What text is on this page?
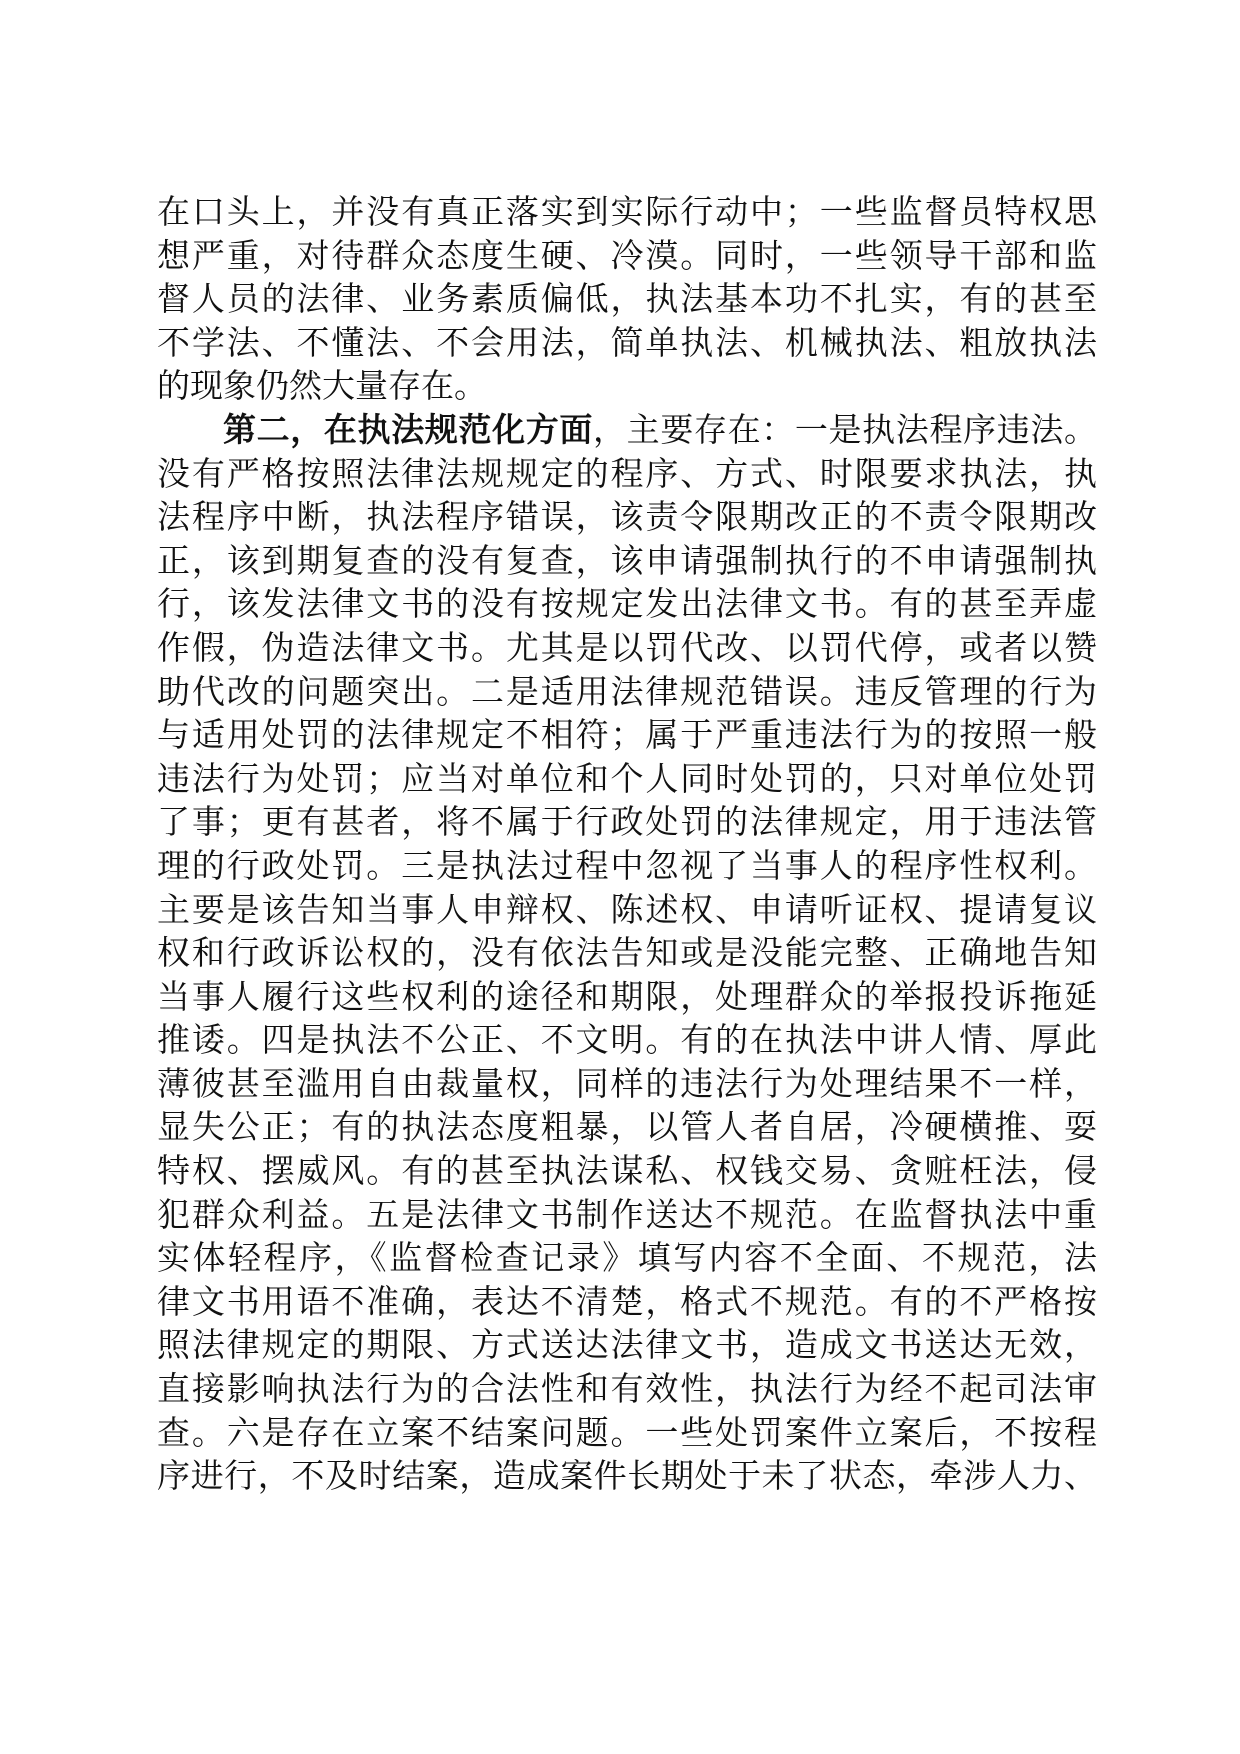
在口头上，并没有真正落实到实际行动中；一些监督员特权思
想严重，对待群众态度生硬、冷漠。同时，一些领导干部和监
督人员的法律、业务素质偏低，执法基本功不扎实，有的甚至
不学法、不懂法、不会用法，简单执法、机械执法、粗放执法
的现象仍然大量存在。
第二，在执法规范化方面，主要存在：一是执法程序违法。
没有严格按照法律法规规定的程序、方式、时限要求执法，执
法程序中断，执法程序错误，该责令限期改正的不责令限期改
正，该到期复查的没有复查，该申请强制执行的不申请强制执
行，该发法律文书的没有按规定发出法律文书。有的甚至弄虚
作假，伪造法律文书。尤其是以罚代改、以罚代停，或者以赞
助代改的问题突出。二是适用法律规范错误。违反管理的行为
与适用处罚的法律规定不相符；属于严重违法行为的按照一般
违法行为处罚；应当对单位和个人同时处罚的，只对单位处罚
了事；更有甚者，将不属于行政处罚的法律规定，用于违法管
理的行政处罚。三是执法过程中忽视了当事人的程序性权利。
主要是该告知当事人申辩权、陈述权、申请听证权、提请复议
权和行政诉讼权的，没有依法告知或是没能完整、正确地告知
当事人履行这些权利的途径和期限，处理群众的举报投诉拖延
推诿。四是执法不公正、不文明。有的在执法中讲人情、厚此
薄彼甚至滥用自由裁量权，同样的违法行为处理结果不一样，
显失公正；有的执法态度粗暴，以管人者自居，冷硬横推、耍
特权、摆威风。有的甚至执法谋私、权钱交易、贪赃枉法，侵
犯群众利益。五是法律文书制作送达不规范。在监督执法中重
实体轻程序，《监督检查记录》填写内容不全面、不规范，法
律文书用语不准确，表达不清楚，格式不规范。有的不严格按
照法律规定的期限、方式送达法律文书，造成文书送达无效，
直接影响执法行为的合法性和有效性，执法行为经不起司法审
查。六是存在立案不结案问题。一些处罚案件立案后，不按程
序进行，不及时结案，造成案件长期处于未了状态，牵涉人力、
